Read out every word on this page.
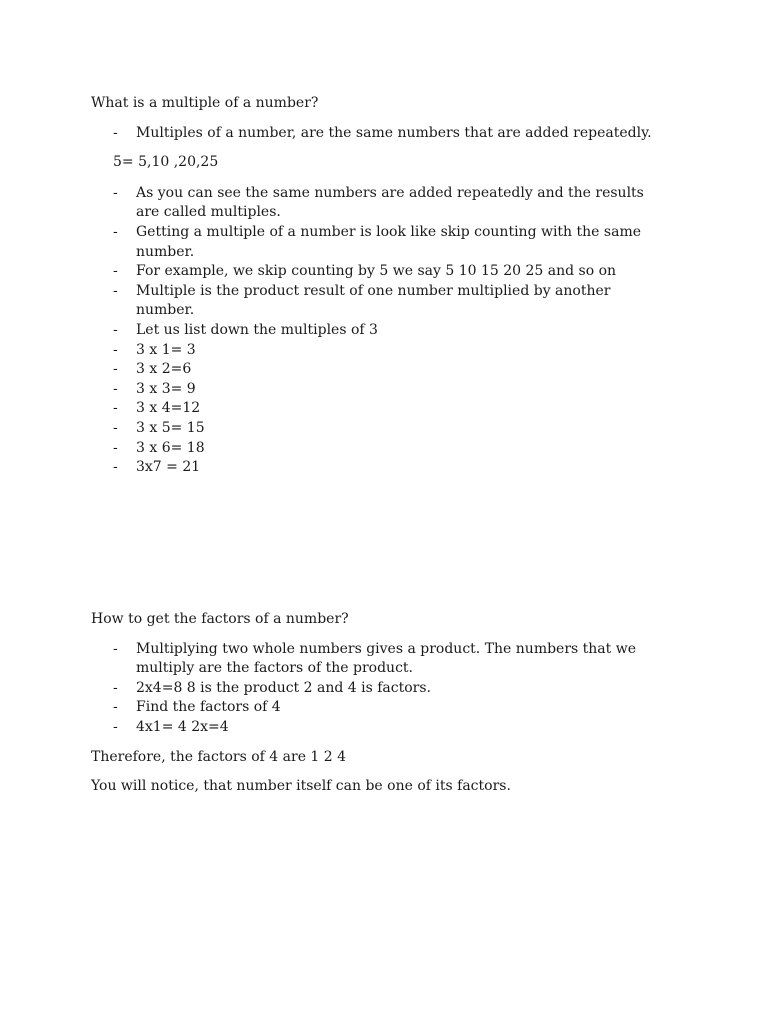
What is a multiple of a number?

- Multiples of a number, are the same numbers that are added repeatedly.

5= 5,10 ,20,25

- As you can see the same numbers are added repeatedly and the results are called multiples.
- Getting a multiple of a number is look like skip counting with the same number.
- For example, we skip counting by 5 we say 5 10 15 20 25 and so on
- Multiple is the product result of one number multiplied by another number.
- Let us list down the multiples of 3
- 3 x 1= 3
- 3 x 2=6
- 3 x 3= 9
- 3 x 4=12
- 3 x 5= 15
- 3 x 6= 18
- 3x7 = 21

How to get the factors of a number?

- Multiplying two whole numbers gives a product. The numbers that we multiply are the factors of the product.
- 2x4=8 8 is the product 2 and 4 is factors.
- Find the factors of 4
- 4x1= 4 2x=4

Therefore, the factors of 4 are 1 2 4

You will notice, that number itself can be one of its factors.
